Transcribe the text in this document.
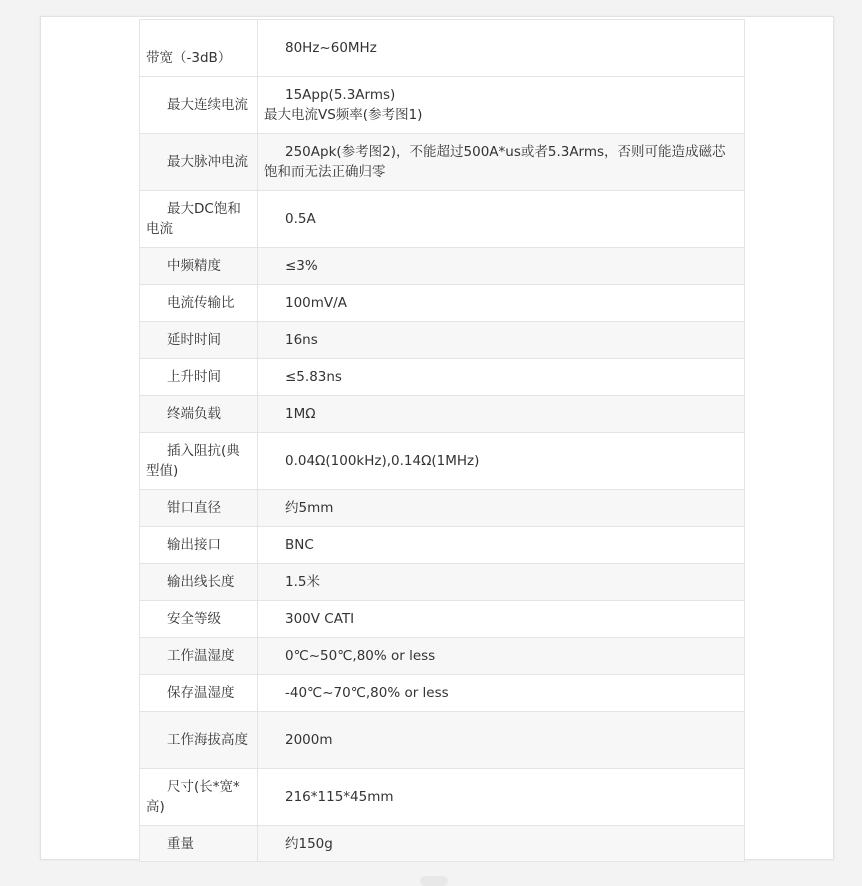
带宽（-3dB）	80Hz~60MHz
最大连续电流	15App(5.3Arms)
最大电流VS频率(参考图1)
最大脉冲电流	250Apk(参考图2)，不能超过500A*us或者5.3Arms，否则可能造成磁芯饱和而无法正确归零
最大DC饱和电流	0.5A
中频精度	≤3%
电流传输比	100mV/A
延时时间	16ns
上升时间	≤5.83ns
终端负载	1MΩ
插入阻抗(典型值)	0.04Ω(100kHz),0.14Ω(1MHz)
钳口直径	约5mm
输出接口	BNC
输出线长度	1.5米
安全等级	300V CATI
工作温湿度	0℃~50℃,80% or less
保存温湿度	-40℃~70℃,80% or less
工作海拔高度	2000m
尺寸(长*宽*高)	216*115*45mm
重量	约150g
